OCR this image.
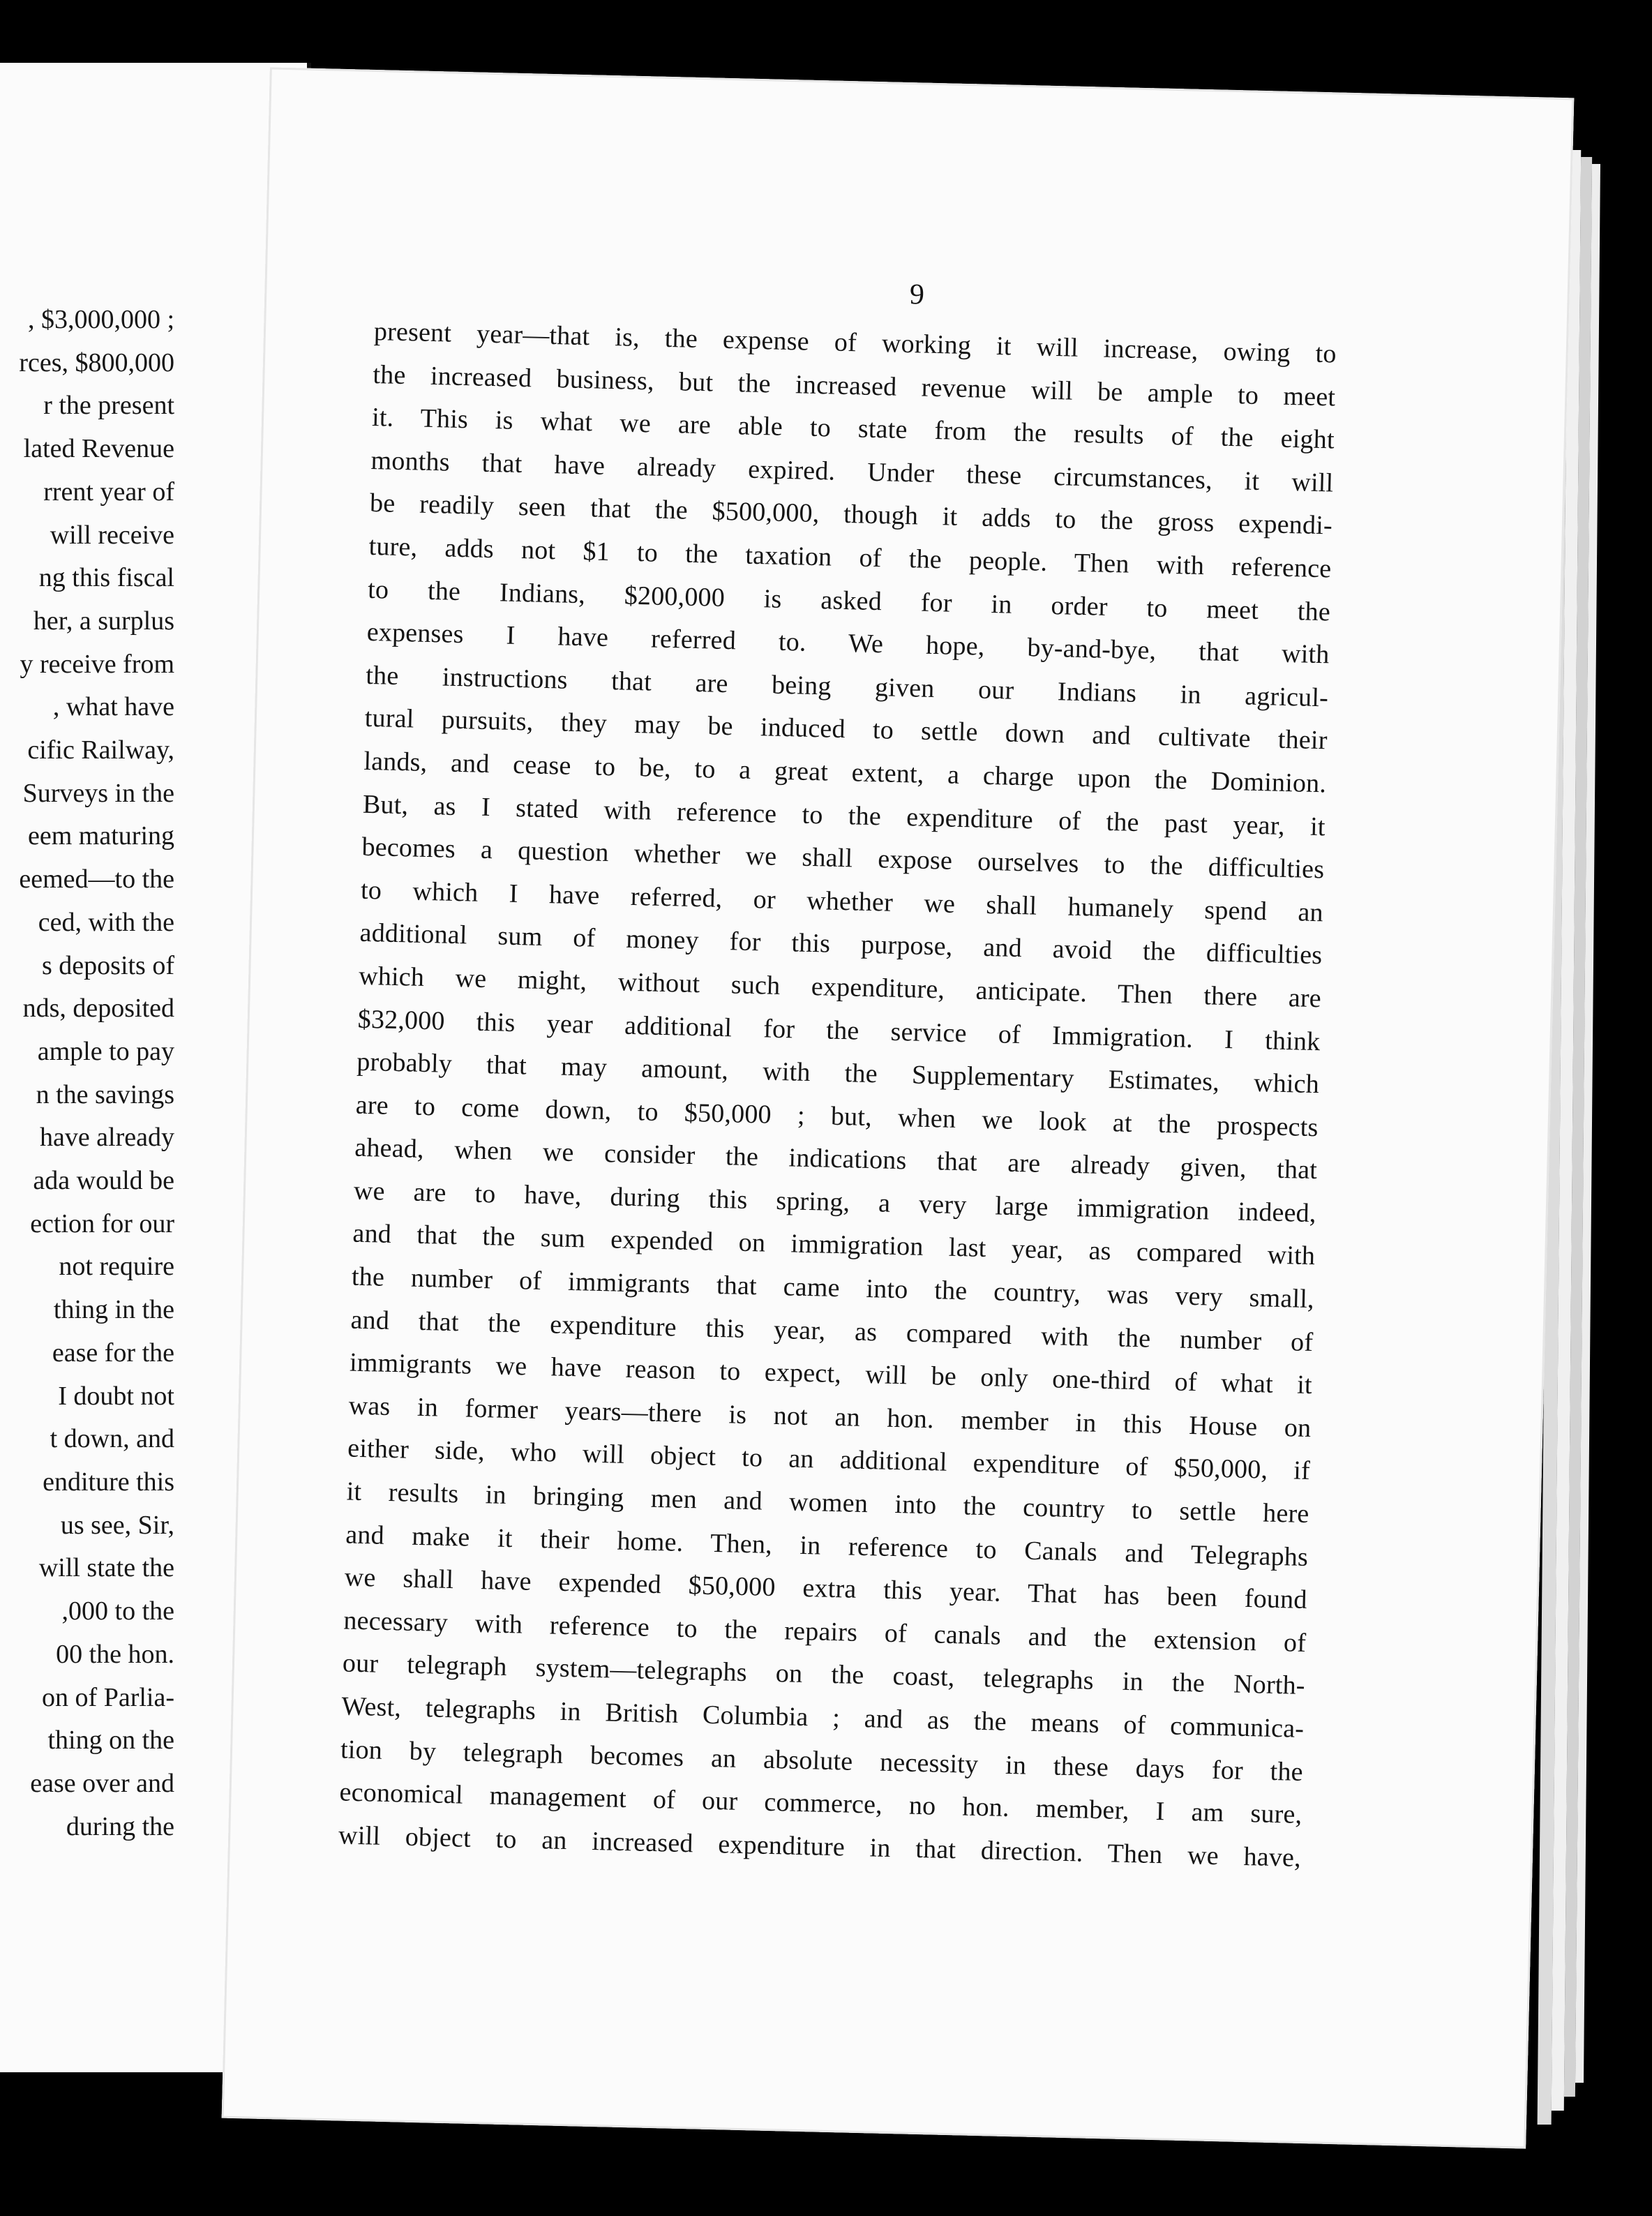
, $3,000,000 ;
rces, $800,000
r the present
lated Revenue
rrent year of
will receive
ng this fiscal
her, a surplus
y receive from
, what have
cific Railway,
Surveys in the
eem maturing
eemed—to the
ced, with the
s deposits of
nds, deposited
ample to pay
n the savings
have already
ada would be
ection for our
not require
thing in the
ease for the
I doubt not
t down, and
enditure this
us see, Sir,
will state the
,000 to the
00 the hon.
on of Parlia-
thing on the
ease over and
during the
9
present year—that is, the expense of working it will increase, owing to
the increased business, but the increased revenue will be ample to meet
it. This is what we are able to state from the results of the eight
months that have already expired. Under these circumstances, it will
be readily seen that the $500,000, though it adds to the gross expendi-
ture, adds not $1 to the taxation of the people. Then with reference
to the Indians, $200,000 is asked for in order to meet the
expenses I have referred to. We hope, by-and-bye, that with
the instructions that are being given our Indians in agricul-
tural pursuits, they may be induced to settle down and cultivate their
lands, and cease to be, to a great extent, a charge upon the Dominion.
But, as I stated with reference to the expenditure of the past year, it
becomes a question whether we shall expose ourselves to the difficulties
to which I have referred, or whether we shall humanely spend an
additional sum of money for this purpose, and avoid the difficulties
which we might, without such expenditure, anticipate. Then there are
$32,000 this year additional for the service of Immigration. I think
probably that may amount, with the Supplementary Estimates, which
are to come down, to $50,000 ; but, when we look at the prospects
ahead, when we consider the indications that are already given, that
we are to have, during this spring, a very large immigration indeed,
and that the sum expended on immigration last year, as compared with
the number of immigrants that came into the country, was very small,
and that the expenditure this year, as compared with the number of
immigrants we have reason to expect, will be only one-third of what it
was in former years—there is not an hon. member in this House on
either side, who will object to an additional expenditure of $50,000, if
it results in bringing men and women into the country to settle here
and make it their home. Then, in reference to Canals and Telegraphs
we shall have expended $50,000 extra this year. That has been found
necessary with reference to the repairs of canals and the extension of
our telegraph system—telegraphs on the coast, telegraphs in the North-
West, telegraphs in British Columbia ; and as the means of communica-
tion by telegraph becomes an absolute necessity in these days for the
economical management of our commerce, no hon. member, I am sure,
will object to an increased expenditure in that direction. Then we have,
